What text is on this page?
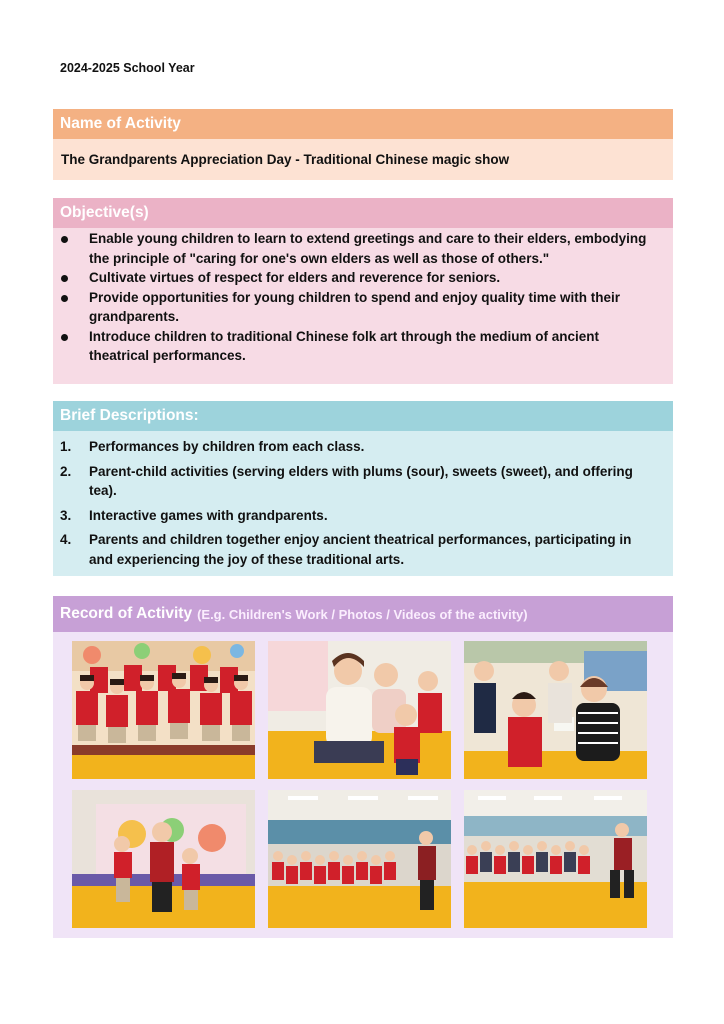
2024-2025 School Year
Name of Activity
The Grandparents Appreciation Day - Traditional Chinese magic show
Objective(s)
Enable young children to learn to extend greetings and care to their elders, embodying the principle of "caring for one's own elders as well as those of others."
Cultivate virtues of respect for elders and reverence for seniors.
Provide opportunities for young children to spend and enjoy quality time with their grandparents.
Introduce children to traditional Chinese folk art through the medium of ancient theatrical performances.
Brief Descriptions:
1. Performances by children from each class.
2. Parent-child activities (serving elders with plums (sour), sweets (sweet), and offering tea).
3. Interactive games with grandparents.
4. Parents and children together enjoy ancient theatrical performances, participating in and experiencing the joy of these traditional arts.
Record of Activity (E.g. Children's Work / Photos / Videos of the activity)
